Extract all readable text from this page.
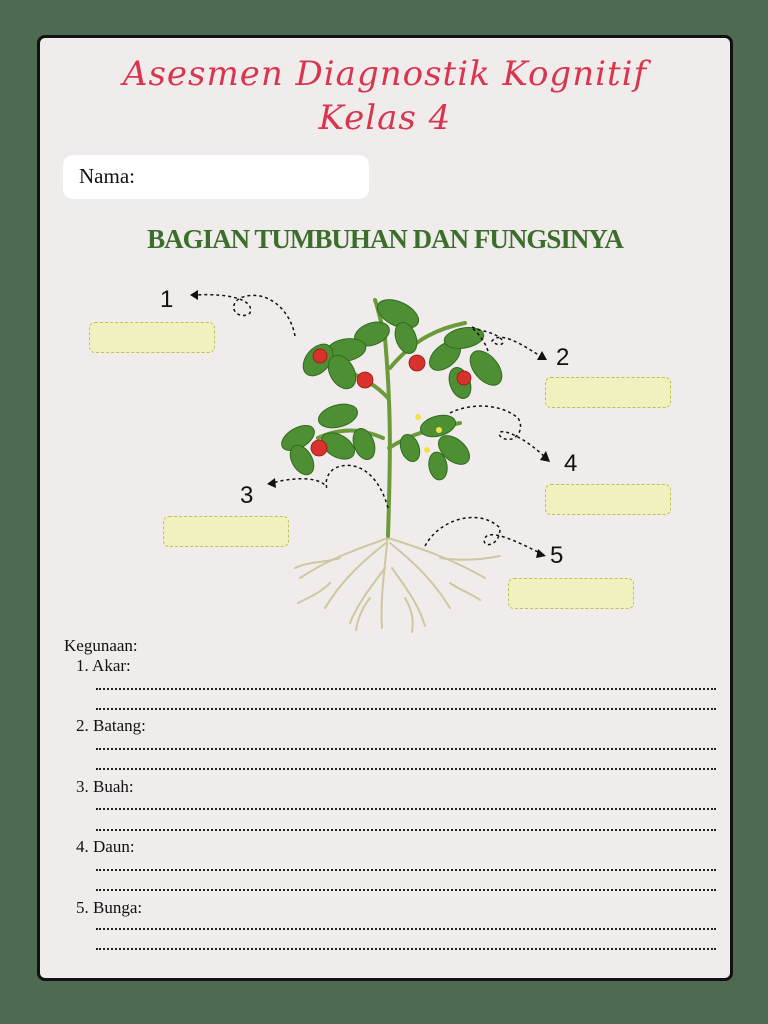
Asesmen Diagnostik Kognitif
Kelas 4
Nama:
BAGIAN TUMBUHAN DAN FUNGSINYA
1
2
3
4
5
Kegunaan:
1. Akar:
2. Batang:
3. Buah:
4. Daun:
5. Bunga:
